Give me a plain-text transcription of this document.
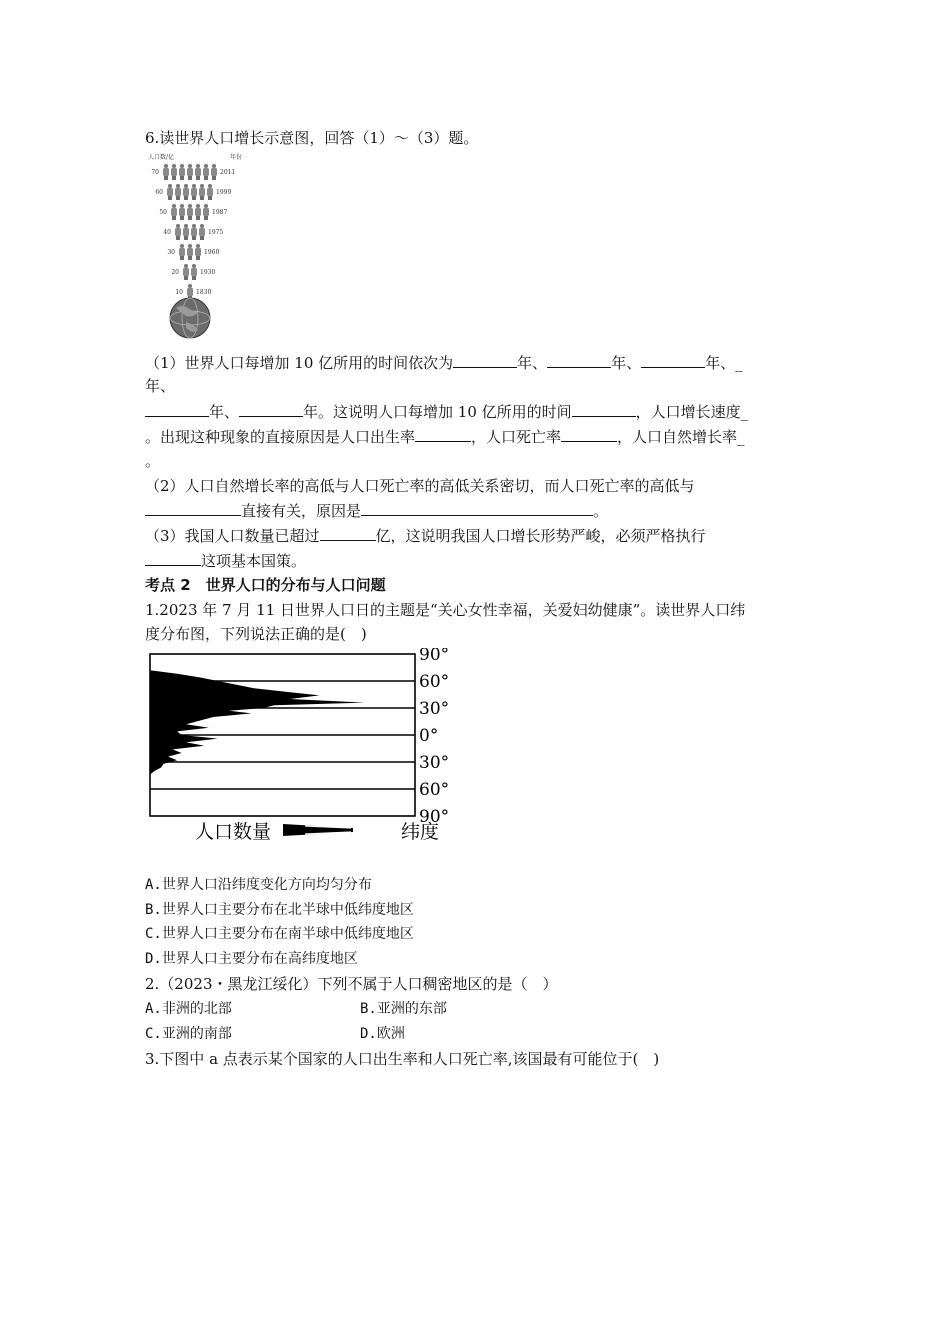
6.读世界人口增长示意图，回答（1）～（3）题。
人口数/亿	年份
70	2011
60	1999
50	1987
40	1975
30	1960
20	1930
10 1830
（1）世界人口每增加 10 亿所用的时间依次为	年、	年、	年、_
年、
年、	年。这说明人口每增加 10 亿所用的时间	，人口增长速度_
。出现这种现象的直接原因是人口出生率	，人口死亡率	，人口自然增长率_
。
（2）人口自然增长率的高低与人口死亡率的高低关系密切，而人口死亡率的高低与
直接有关，原因是	。
（3）我国人口数量已超过	亿，这说明我国人口增长形势严峻，必须严格执行
这项基本国策。
考点 2　世界人口的分布与人口问题
1.2023 年 7 月 11 日世界人口日的主题是“关心女性幸福，关爱妇幼健康”。读世界人口纬
度分布图，下列说法正确的是(　)
90°
60°
30°
0°
30°
60°
90°
人口数量	纬度
A.世界人口沿纬度变化方向均匀分布
B.世界人口主要分布在北半球中低纬度地区
C.世界人口主要分布在南半球中低纬度地区
D.世界人口主要分布在高纬度地区
2.（2023・黑龙江绥化）下列不属于人口稠密地区的是（　）
A.非洲的北部	B.亚洲的东部
C.亚洲的南部	D.欧洲
3.下图中 a 点表示某个国家的人口出生率和人口死亡率,该国最有可能位于(　)
